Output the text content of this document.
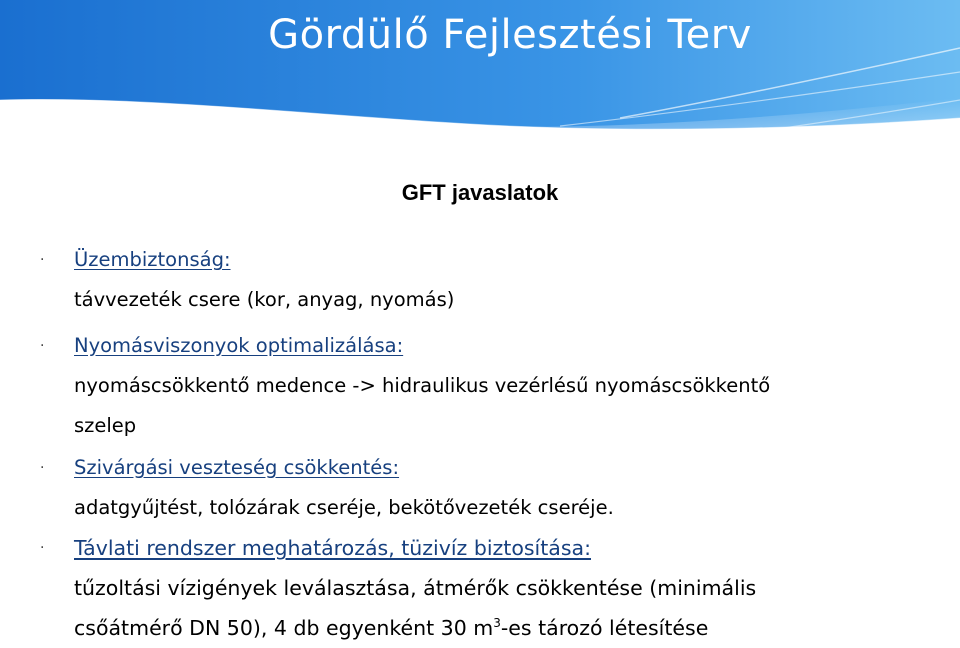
Gördülő Fejlesztési Terv
GFT javaslatok
· Üzembiztonság:
távvezeték csere (kor, anyag, nyomás)
· Nyomásviszonyok optimalizálása:
nyomáscsökkentő medence -> hidraulikus vezérlésű nyomáscsökkentő
szelep
· Szivárgási veszteség csökkentés:
adatgyűjtést, tolózárak cseréje, bekötővezeték cseréje.
· Távlati rendszer meghatározás, tüzivíz biztosítása:
tűzoltási vízigények leválasztása, átmérők csökkentése (minimális
csőátmérő DN 50), 4 db egyenként 30 $m^3-es$ tározó létesítése
